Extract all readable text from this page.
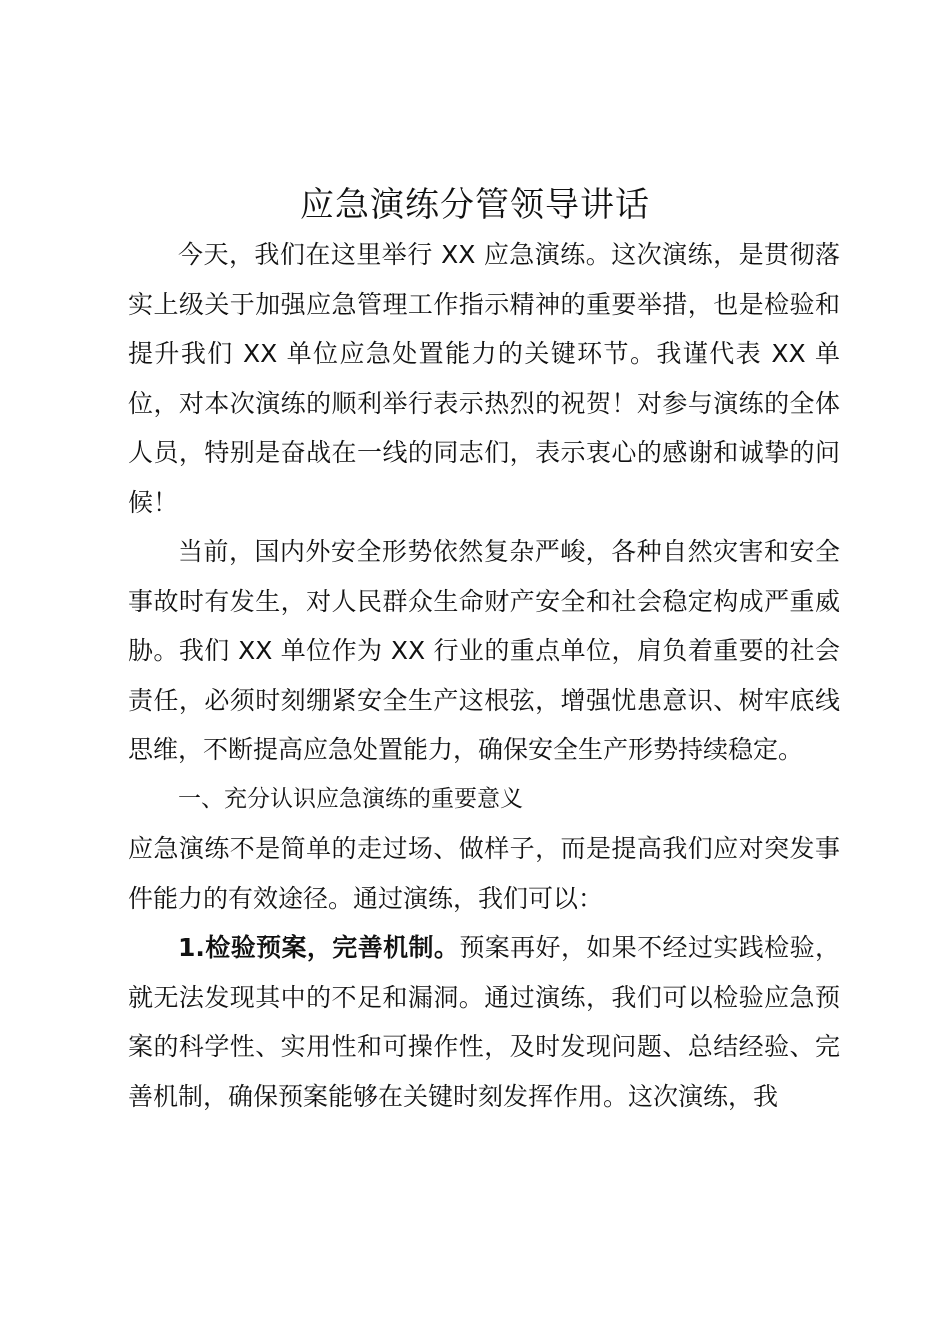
应急演练分管领导讲话

今天，我们在这里举行 XX 应急演练。这次演练，是贯彻落实上级关于加强应急管理工作指示精神的重要举措，也是检验和提升我们 XX 单位应急处置能力的关键环节。我谨代表 XX 单位，对本次演练的顺利举行表示热烈的祝贺！对参与演练的全体人员，特别是奋战在一线的同志们，表示衷心的感谢和诚挚的问候！

当前，国内外安全形势依然复杂严峻，各种自然灾害和安全事故时有发生，对人民群众生命财产安全和社会稳定构成严重威胁。我们 XX 单位作为 XX 行业的重点单位，肩负着重要的社会责任，必须时刻绷紧安全生产这根弦，增强忧患意识、树牢底线思维，不断提高应急处置能力，确保安全生产形势持续稳定。

一、充分认识应急演练的重要意义

应急演练不是简单的走过场、做样子，而是提高我们应对突发事件能力的有效途径。通过演练，我们可以：

1.检验预案，完善机制。预案再好，如果不经过实践检验，就无法发现其中的不足和漏洞。通过演练，我们可以检验应急预案的科学性、实用性和可操作性，及时发现问题、总结经验、完善机制，确保预案能够在关键时刻发挥作用。这次演练，我
